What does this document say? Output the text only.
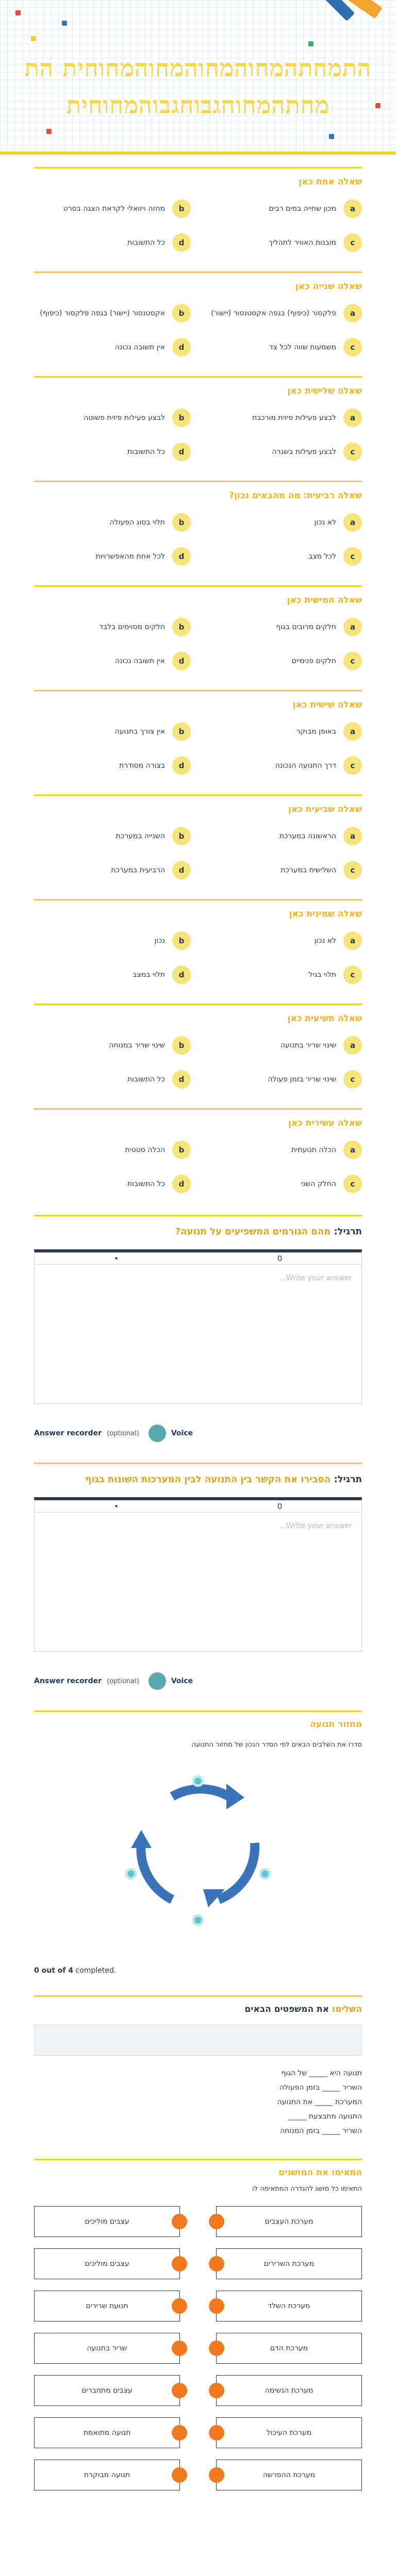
התמחתהמחוהמחוהמחוהמחוחית התמחתהמחוחגבוחגבוהמחוחית
שאלה אחת כאן
a
מכון שחייה במים רבים
b
מחזה ויזואלי לקראת הצגה בסרט
c
מובנות האוויר לתהליך
d
כל התשובות
שאלה שנייה כאן
a
פלקסור (כיפוף) בגפה אקסטנסור (יישור)
b
אקסטנסור (יישור) בגפה פלקסור (כיפוף)
c
משמעות שווה לכל צד
d
אין תשובה נכונה
שאלה שלישית כאן
a
לבצע פעילות פיזית מורכבת
b
לבצע פעילות פיזית פשוטה
c
לבצע פעילות בשגרה
d
כל התשובות
שאלה רביעית: מה מהבאים נכון?
a
לא נכון
b
תלוי בסוג הפעולה
c
לכל מצב
d
לכל אחת מהאפשרויות
שאלה חמישית כאן
a
חלקים מרובים בגוף
b
חלקים מסוימים בלבד
c
חלקים פנימיים
d
אין תשובה נכונה
שאלה שישית כאן
a
באופן מבוקר
b
אין צורך בתנועה
c
דרך התנועה הנכונה
d
בצורה מסודרת
שאלה שביעית כאן
a
הראשונה במערכת
b
השנייה במערכת
c
השלישית במערכת
d
הרביעית במערכת
שאלה שמינית כאן
a
לא נכון
b
נכון
c
תלוי בגיל
d
תלוי במצב
שאלה תשיעית כאן
a
שינוי שריר בתנועה
b
שינוי שריר במנוחה
c
שינוי שריר בזמן פעולה
d
כל התשובות
שאלה עשירית כאן
a
הכלה תנועתית
b
הכלה סטטית
c
החלק השני
d
כל התשובות
תרגיל: מהם הגורמים המשפיעים על תנועה?
0
•
Write your answer...
Answer recorder (optional)	Voice
תרגיל: הסבירו את הקשר בין התנועה לבין המערכות השונות בגוף
0
•
Write your answer...
Answer recorder (optional)	Voice
מחזור תנועה
סדרו את השלבים הבאים לפי הסדר הנכון של מחזור התנועה
0 out of 4 completed.
השלימו את המשפטים הבאים
תנועה היא _____ של הגוף
השריר _____ בזמן הפעולה
המערכת _____ את התנועה
התנועה מתבצעת _____
השריר _____ בזמן המנוחה
התאימו את המושגים
התאימו כל מושג להגדרה המתאימה לו
מערכת העצבים
עצבים מוליכים
מערכת השרירים
עצבים מוליכים
מערכת השלד
תנועת שרירים
מערכת הדם
שריר בתנועה
מערכת הנשימה
עצבים מתחברים
מערכת העיכול
תנועה מתואמת
מערכת ההפרשה
תנועה מבוקרת
